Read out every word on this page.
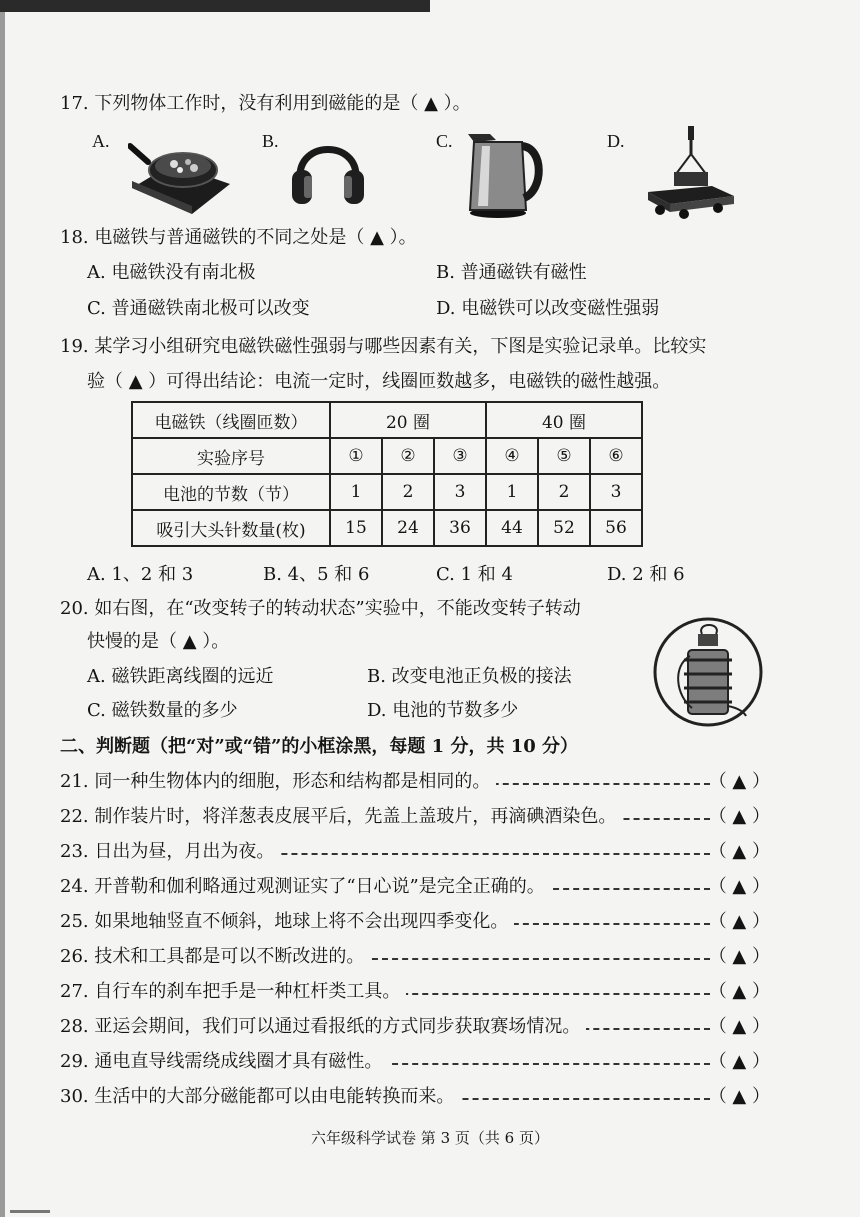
17. 下列物体工作时，没有利用到磁能的是（ ▲ ）。
A.	B.	C.	D.
18. 电磁铁与普通磁铁的不同之处是（ ▲ ）。
A. 电磁铁没有南北极	B. 普通磁铁有磁性
C. 普通磁铁南北极可以改变	D. 电磁铁可以改变磁性强弱
19. 某学习小组研究电磁铁磁性强弱与哪些因素有关，下图是实验记录单。比较实
验（ ▲ ）可得出结论：电流一定时，线圈匝数越多，电磁铁的磁性越强。
电磁铁（线圈匝数）	20 圈			40 圈		
实验序号	①	②	③	④	⑤	⑥
电池的节数（节）	1	2	3	1	2	3
吸引大头针数量(枚)	15	24	36	44	52	56
A. 1、2 和 3	B. 4、5 和 6	C. 1 和 4	D. 2 和 6
20. 如右图，在“改变转子的转动状态”实验中，不能改变转子转动
快慢的是（ ▲ ）。
A. 磁铁距离线圈的远近	B. 改变电池正负极的接法
C. 磁铁数量的多少	D. 电池的节数多少
二、判断题（把“对”或“错”的小框涂黑，每题 1 分，共 10 分）
21. 同一种生物体内的细胞，形态和结构都是相同的。	（ ▲ ）
22. 制作装片时，将洋葱表皮展平后，先盖上盖玻片，再滴碘酒染色。	（ ▲ ）
23. 日出为昼，月出为夜。	（ ▲ ）
24. 开普勒和伽利略通过观测证实了“日心说”是完全正确的。	（ ▲ ）
25. 如果地轴竖直不倾斜，地球上将不会出现四季变化。	（ ▲ ）
26. 技术和工具都是可以不断改进的。	（ ▲ ）
27. 自行车的刹车把手是一种杠杆类工具。	（ ▲ ）
28. 亚运会期间，我们可以通过看报纸的方式同步获取赛场情况。	（ ▲ ）
29. 通电直导线需绕成线圈才具有磁性。	（ ▲ ）
30. 生活中的大部分磁能都可以由电能转换而来。	（ ▲ ）
六年级科学试卷 第 3 页（共 6 页）
